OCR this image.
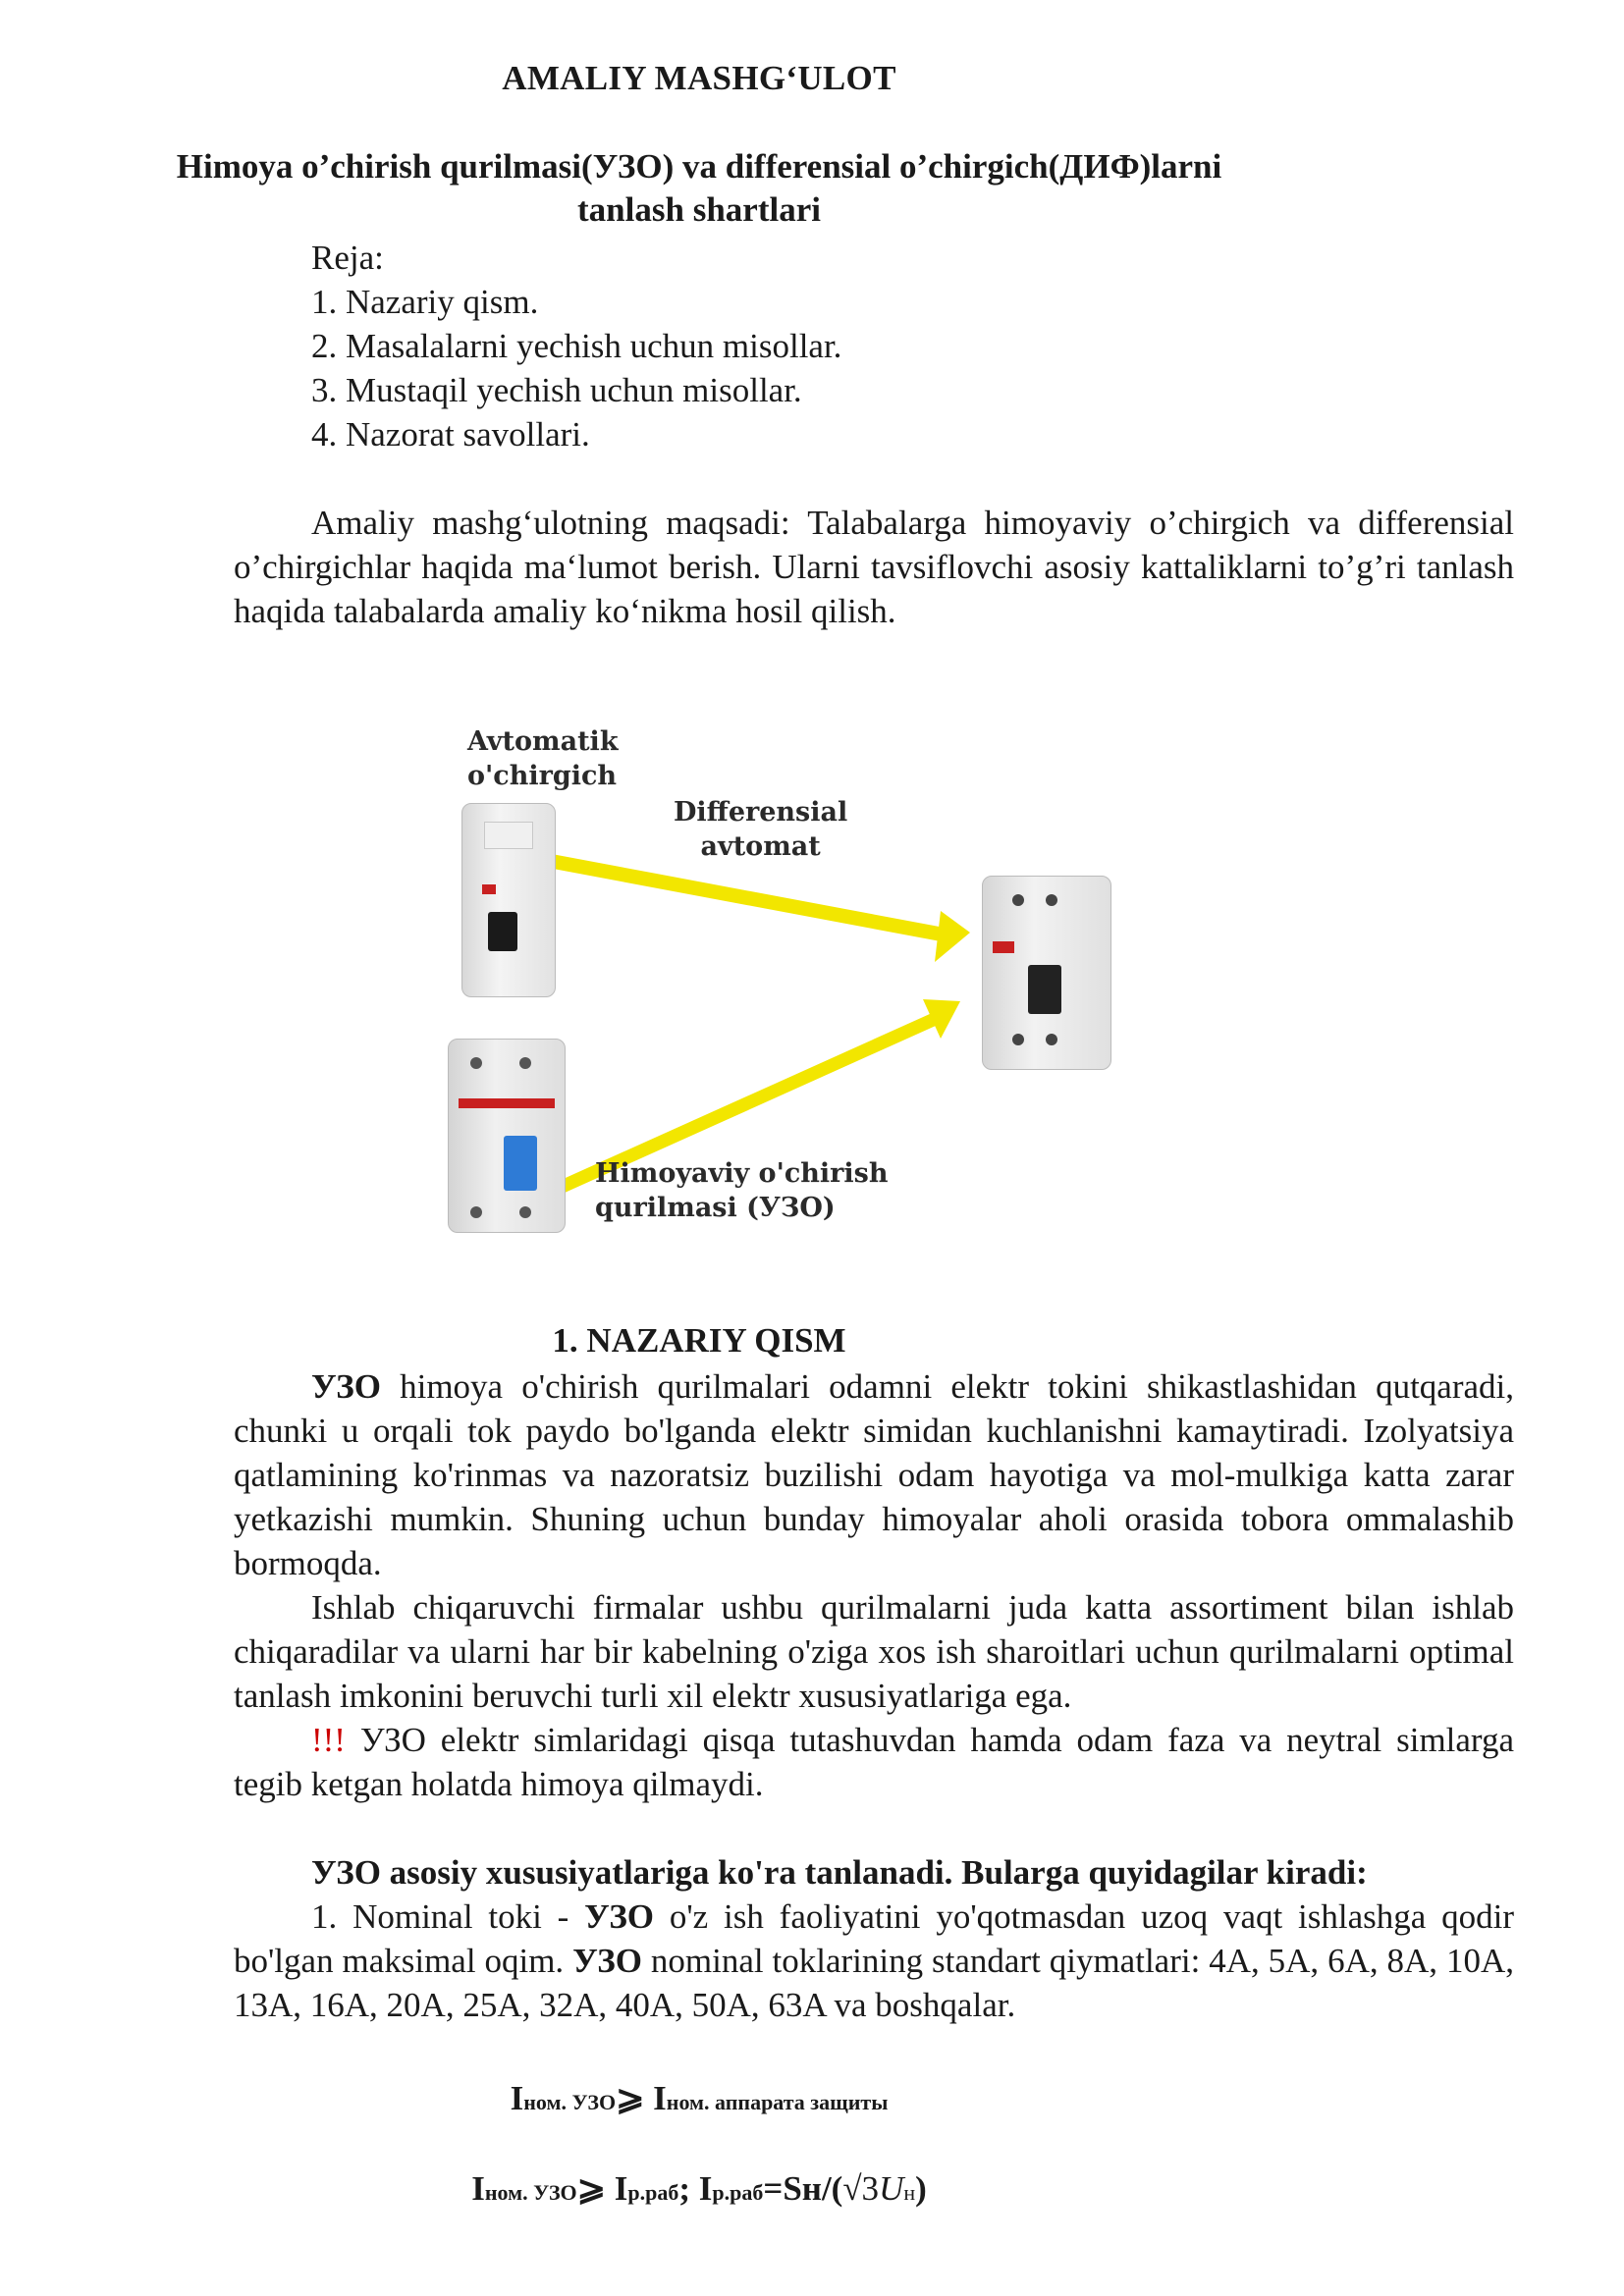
AMALIY MASHG‘ULOT
Himoya o’chirish qurilmasi(УЗО) va differensial o’chirgich(ДИФ)larni
tanlash shartlari
Reja:
1. Nazariy qism.
2. Masalalarni yechish uchun misollar.
3. Mustaqil yechish uchun misollar.
4. Nazorat savollari.
Amaliy mashg‘ulotning maqsadi: Talabalarga himoyaviy o’chirgich va differensial o’chirgichlar haqida ma‘lumot berish. Ularni tavsiflovchi asosiy kattaliklarni to’g’ri tanlash haqida talabalarda amaliy ko‘nikma hosil qilish.
УЗО himoya o'chirish qurilmalari odamni elektr tokini shikastlashidan qutqaradi, chunki u orqali tok paydo bo'lganda elektr simidan kuchlanishni kamaytiradi. Izolyatsiya qatlamining ko'rinmas va nazoratsiz buzilishi odam hayotiga va mol-mulkiga katta zarar yetkazishi mumkin. Shuning uchun bunday himoyalar aholi orasida tobora ommalashib bormoqda.
Ishlab chiqaruvchi firmalar ushbu qurilmalarni juda katta assortiment bilan ishlab chiqaradilar va ularni har bir kabelning o'ziga xos ish sharoitlari uchun qurilmalarni optimal tanlash imkonini beruvchi turli xil elektr xususiyatlariga ega.
!!! УЗО elektr simlaridagi qisqa tutashuvdan hamda odam faza va neytral simlarga tegib ketgan holatda himoya qilmaydi.
УЗО asosiy xususiyatlariga ko'ra tanlanadi. Bularga quyidagilar kiradi:
1. Nominal toki - УЗО o'z ish faoliyatini yo'qotmasdan uzoq vaqt ishlashga qodir bo'lgan maksimal oqim. УЗО nominal toklarining standart qiymatlari: 4A, 5A, 6A, 8A, 10A, 13A, 16A, 20A, 25A, 32A, 40A, 50A, 63A va boshqalar.
Avtomatik
o'chirgich
Differensial
avtomat
Himoyaviy o'chirish
qurilmasi (УЗО)
1. NAZARIY QISM
Iном. УЗО⩾ Iном. аппарата защиты
Iном. УЗО⩾ Iр.раб; Iр.раб=Sн/(√3Uн)
